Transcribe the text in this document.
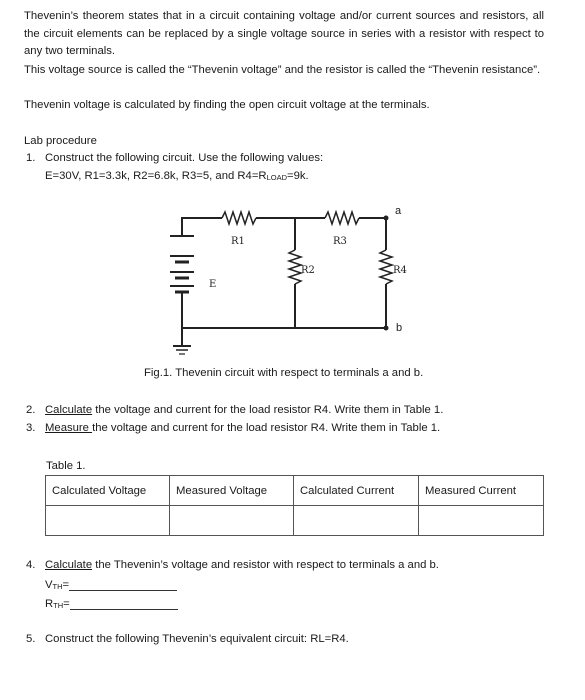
Thevenin’s theorem states that in a circuit containing voltage and/or current sources and resistors, all the circuit elements can be replaced by a single voltage source in series with a resistor with respect to any two terminals.
This voltage source is called the “Thevenin voltage” and the resistor is called the “Thevenin resistance”.
Thevenin voltage is calculated by finding the open circuit voltage at the terminals.
Lab procedure
1. Construct the following circuit. Use the following values:
E=30V, R1=3.3k, R2=6.8k, R3=5, and R4=RLOAD=9k.
R1	R3
R2	R4
E
a
b
Fig.1. Thevenin circuit with respect to terminals a and b.
2. Calculate the voltage and current for the load resistor R4. Write them in Table 1.
3. Measure the voltage and current for the load resistor R4. Write them in Table 1.
Table 1.
Calculated Voltage	Measured Voltage	Calculated Current	Measured Current

4. Calculate the Thevenin’s voltage and resistor with respect to terminals a and b.
VTH=
RTH=
5. Construct the following Thevenin’s equivalent circuit: RL=R4.
